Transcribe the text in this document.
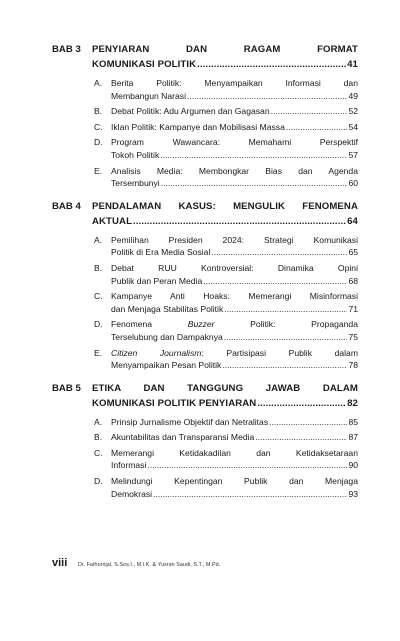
BAB 3	PENYIARAN DAN RAGAM FORMAT
KOMUNIKASI POLITIK .....	41
A.	Berita Politik: Menyampaikan Informasi dan
Membangun Narasi .....	49
B.	Debat Politik: Adu Argumen dan Gagasan .....	52
C. Iklan Politik: Kampanye dan Mobilisasi Massa .....	54
D. Program Wawancara: Memahami Perspektif
Tokoh Politik .....	57
E.	Analisis Media: Membongkar Bias dan Agenda
Tersembunyi .....	60
BAB 4	PENDALAMAN KASUS: MENGULIK FENOMENA
AKTUAL .....	64
A.	Pemilihan Presiden 2024: Strategi Komunikasi
Politik di Era Media Sosial .....	65
B.	Debat RUU Kontroversial: Dinamika Opini
Publik dan Peran Media .....	68
C. Kampanye Anti Hoaks: Memerangi Misinformasi
dan Menjaga Stabilitas Politik .....	71
D. Fenomena Buzzer Politik: Propaganda
Terselubung dan Dampaknya .....	75
E.	Citizen Journalism: Partisipasi Publik dalam
Menyampaikan Pesan Politik .....	78
BAB 5	ETIKA DAN TANGGUNG JAWAB DALAM
KOMUNIKASI POLITIK PENYIARAN .....	82
A.	Prinsip Jurnalisme Objektif dan Netralitas .....	85
B.	Akuntabilitas dan Transparansi Media .....	87
C. Memerangi Ketidakadilan dan Ketidaksetaraan
Informasi .....	90
D. Melindungi Kepentingan Publik dan Menjaga
Demokrasi .....	93
viii	Dr. Fathurrijal, S.Sos.I., M.I.K. & Yusran Saudi, S.T., M.Pd.
